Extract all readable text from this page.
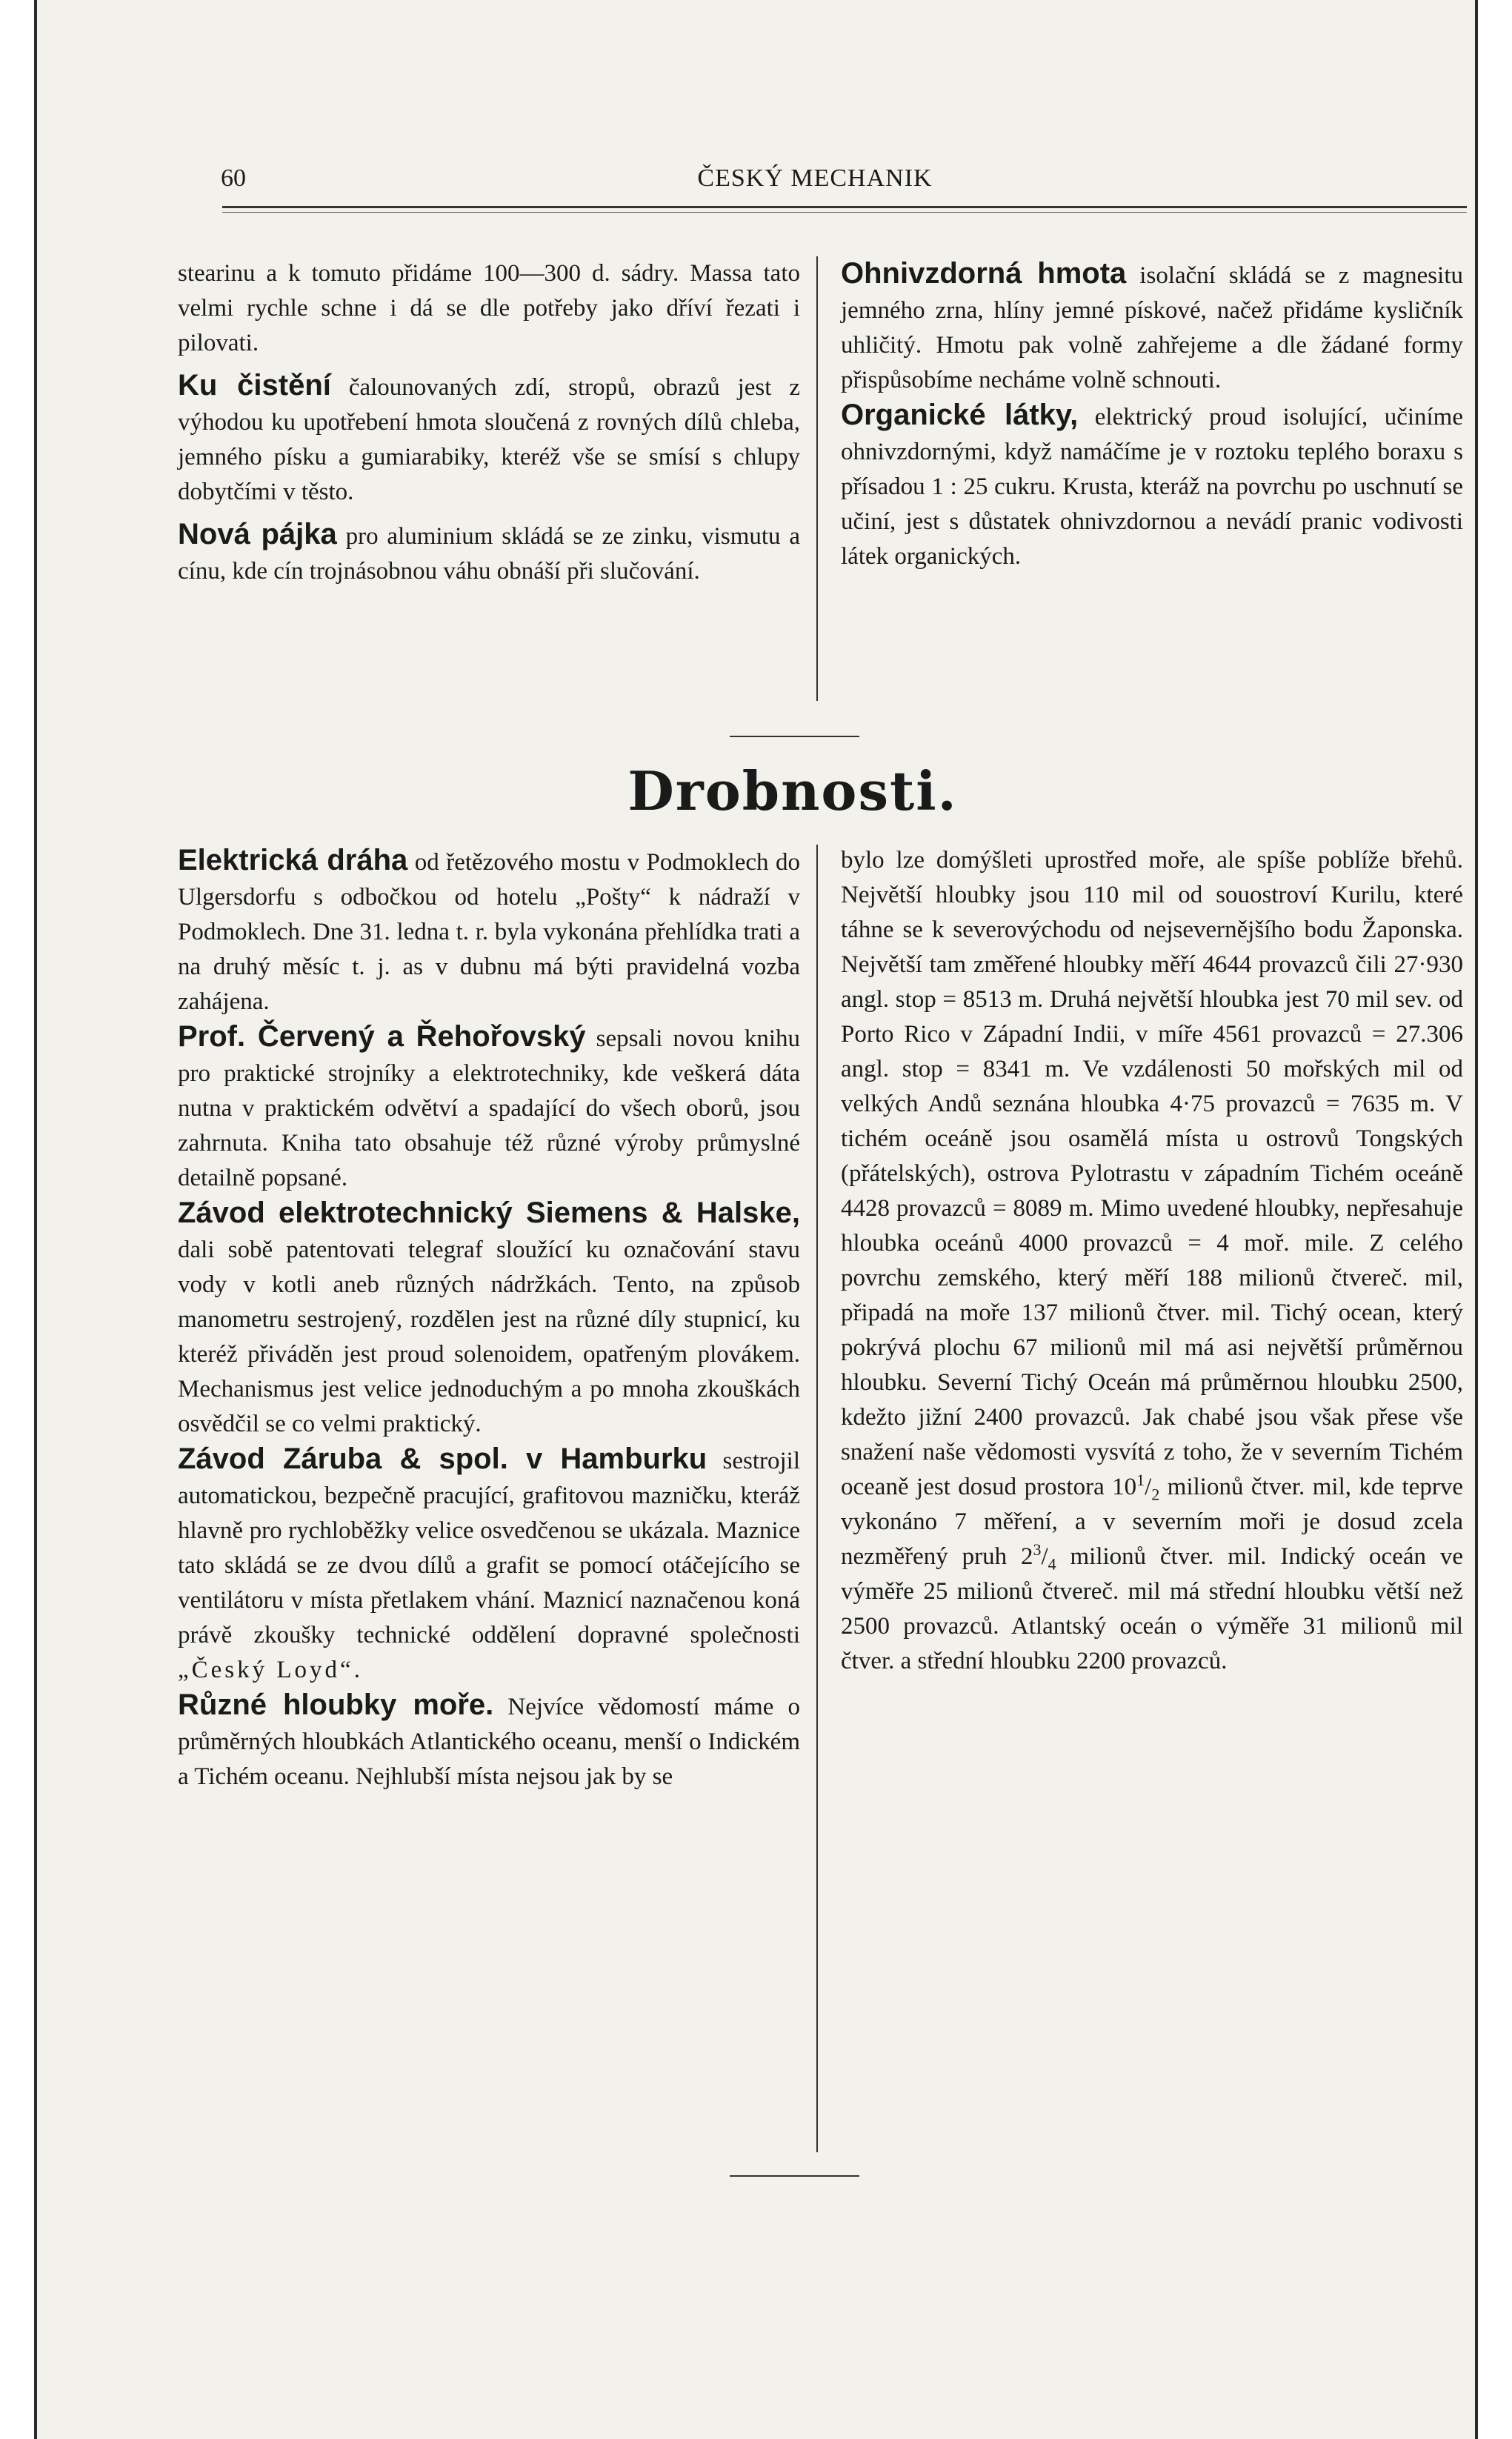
60	ČESKÝ MECHANIK

stearinu a k tomuto přidáme 100—300 d. sádry. Massa tato velmi rychle schne i dá se dle potřeby jako dříví řezati i pilovati.

Ku čistění čalounovaných zdí, stropů, obrazů jest z výhodou ku upotřebení hmota sloučená z rovných dílů chleba, jemného písku a gumiarabiky, kteréž vše se smísí s chlupy dobytčími v těsto.

Nová pájka pro aluminium skládá se ze zinku, vismutu a cínu, kde cín trojnásobnou váhu obnáší při slučování.

Ohnivzdorná hmota isolační skládá se z magnesitu jemného zrna, hlíny jemné pískové, načež přidáme kysličník uhličitý. Hmotu pak volně zahřejeme a dle žádané formy přispůsobíme necháme volně schnouti.

Organické látky, elektrický proud isolující, učiníme ohnivzdornými, když namáčíme je v roztoku teplého boraxu s přísadou 1 : 25 cukru. Krusta, kteráž na povrchu po uschnutí se učiní, jest s důstatek ohnivzdornou a nevádí pranic vodivosti látek organických.

Drobnosti.

Elektrická dráha od řetězového mostu v Podmoklech do Ulgersdorfu s odbočkou od hotelu „Pošty“ k nádraží v Podmoklech. Dne 31. ledna t. r. byla vykonána přehlídka trati a na druhý měsíc t. j. as v dubnu má býti pravidelná vozba zahájena.

Prof. Červený a Řehořovský sepsali novou knihu pro praktické strojníky a elektrotechniky, kde veškerá dáta nutna v praktickém odvětví a spadající do všech oborů, jsou zahrnuta. Kniha tato obsahuje též různé výroby průmyslné detailně popsané.

Závod elektrotechnický Siemens & Halske, dali sobě patentovati telegraf sloužící ku označování stavu vody v kotli aneb různých nádržkách. Tento, na způsob manometru sestrojený, rozdělen jest na různé díly stupnicí, ku kteréž přiváděn jest proud solenoidem, opatřeným plovákem. Mechanismus jest velice jednoduchým a po mnoha zkouškách osvědčil se co velmi praktický.

Závod Záruba & spol. v Hamburku sestrojil automatickou, bezpečně pracující, grafitovou mazničku, kteráž hlavně pro rychloběžky velice osvedčenou se ukázala. Maznice tato skládá se ze dvou dílů a grafit se pomocí otáčejícího se ventilátoru v místa přetlakem vhání. Maznicí naznačenou koná právě zkoušky technické oddělení dopravné společnosti „Český Loyd“.

Různé hloubky moře. Nejvíce vědomostí máme o průměrných hloubkách Atlantického oceanu, menší o Indickém a Tichém oceanu. Nejhlubší místa nejsou jak by se

bylo lze domýšleti uprostřed moře, ale spíše poblíže břehů. Největší hloubky jsou 110 mil od souostroví Kurilu, které táhne se k severovýchodu od nejsevernějšího bodu Žaponska. Největší tam změřené hloubky měří 4644 provazců čili 27·930 angl. stop = 8513 m. Druhá největší hloubka jest 70 mil sev. od Porto Rico v Západní Indii, v míře 4561 provazců = 27.306 angl. stop = 8341 m. Ve vzdálenosti 50 mořských mil od velkých Andů seznána hloubka 4·75 provazců = 7635 m. V tichém oceáně jsou osamělá místa u ostrovů Tongských (přátelských), ostrova Pylotrastu v západním Tichém oceáně 4428 provazců = 8089 m. Mimo uvedené hloubky, nepřesahuje hloubka oceánů 4000 provazců = 4 moř. mile. Z celého povrchu zemského, který měří 188 milionů čtvereč. mil, připadá na moře 137 milionů čtver. mil. Tichý ocean, který pokrývá plochu 67 milionů mil má asi největší průměrnou hloubku. Severní Tichý Oceán má průměrnou hloubku 2500, kdežto jižní 2400 provazců. Jak chabé jsou však přese vše snažení naše vědomosti vysvítá z toho, že v severním Tichém oceaně jest dosud prostora $10^1/_2$ milionů čtver. mil, kde teprve vykonáno 7 měření, a v severním moři je dosud zcela nezměřený pruh $2^3/_4$ milionů čtver. mil. Indický oceán ve výměře 25 milionů čtvereč. mil má střední hloubku větší než 2500 provazců. Atlantský oceán o výměře 31 milionů mil čtver. a střední hloubku 2200 provazců.
